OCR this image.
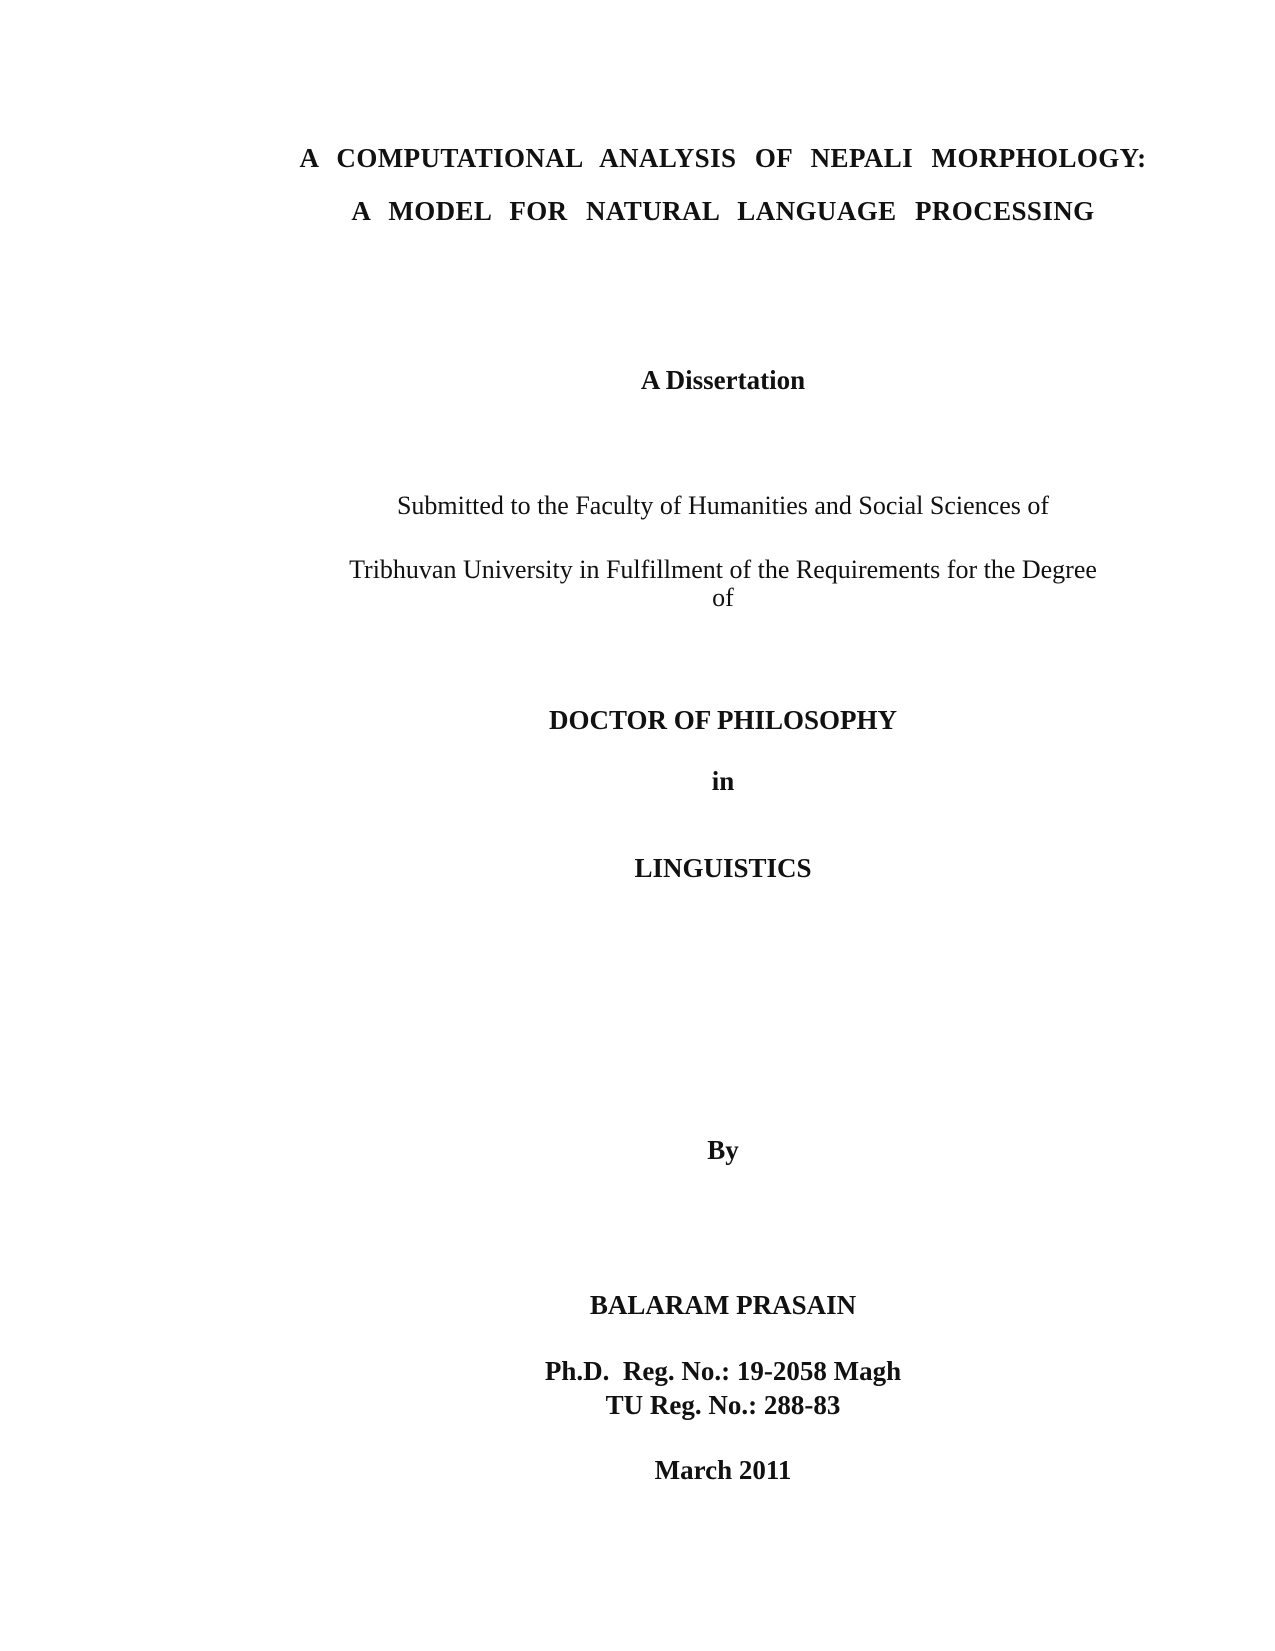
A COMPUTATIONAL ANALYSIS OF NEPALI MORPHOLOGY:
A MODEL FOR NATURAL LANGUAGE PROCESSING
A Dissertation
Submitted to the Faculty of Humanities and Social Sciences of
Tribhuvan University in Fulfillment of the Requirements for the Degree
of
DOCTOR OF PHILOSOPHY
in
LINGUISTICS
By
BALARAM PRASAIN
Ph.D.  Reg. No.: 19-2058 Magh
TU Reg. No.: 288-83
March 2011
